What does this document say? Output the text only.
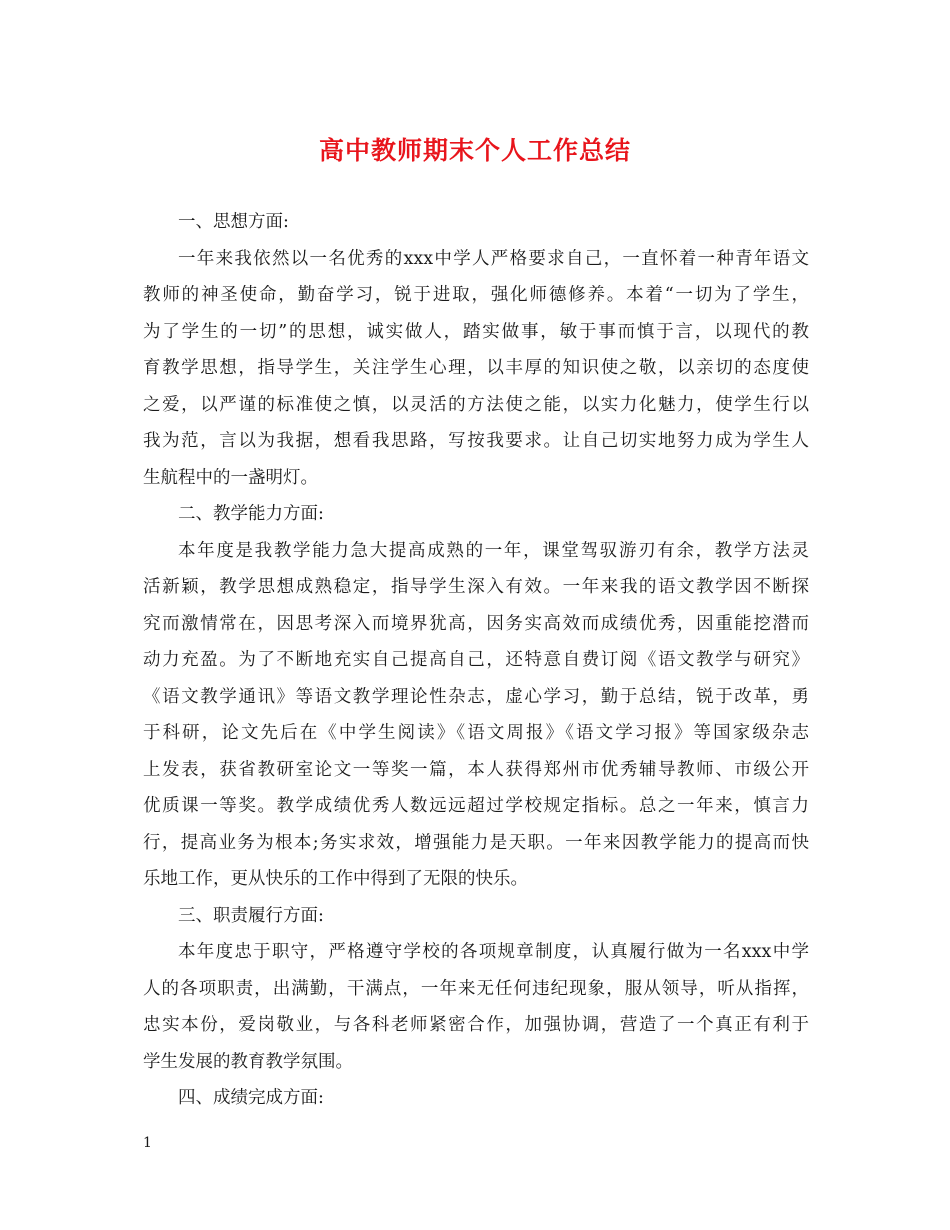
高中教师期末个人工作总结
一、思想方面:
一年来我依然以一名优秀的xxx中学人严格要求自己，一直怀着一种青年语文
教师的神圣使命，勤奋学习，锐于进取，强化师德修养。本着“一切为了学生，
为了学生的一切”的思想，诚实做人，踏实做事，敏于事而慎于言，以现代的教
育教学思想，指导学生，关注学生心理，以丰厚的知识使之敬，以亲切的态度使
之爱，以严谨的标准使之慎，以灵活的方法使之能，以实力化魅力，使学生行以
我为范，言以为我据，想看我思路，写按我要求。让自己切实地努力成为学生人
生航程中的一盏明灯。
二、教学能力方面:
本年度是我教学能力急大提高成熟的一年，课堂驾驭游刃有余，教学方法灵
活新颖，教学思想成熟稳定，指导学生深入有效。一年来我的语文教学因不断探
究而激情常在，因思考深入而境界犹高，因务实高效而成绩优秀，因重能挖潜而
动力充盈。为了不断地充实自己提高自己，还特意自费订阅《语文教学与研究》
《语文教学通讯》等语文教学理论性杂志，虚心学习，勤于总结，锐于改革，勇
于科研，论文先后在《中学生阅读》《语文周报》《语文学习报》等国家级杂志
上发表，获省教研室论文一等奖一篇，本人获得郑州市优秀辅导教师、市级公开
优质课一等奖。教学成绩优秀人数远远超过学校规定指标。总之一年来，慎言力
行，提高业务为根本;务实求效，增强能力是天职。一年来因教学能力的提高而快
乐地工作，更从快乐的工作中得到了无限的快乐。
三、职责履行方面:
本年度忠于职守，严格遵守学校的各项规章制度，认真履行做为一名xxx中学
人的各项职责，出满勤，干满点，一年来无任何违纪现象，服从领导，听从指挥，
忠实本份，爱岗敬业，与各科老师紧密合作，加强协调，营造了一个真正有利于
学生发展的教育教学氛围。
四、成绩完成方面:
1
